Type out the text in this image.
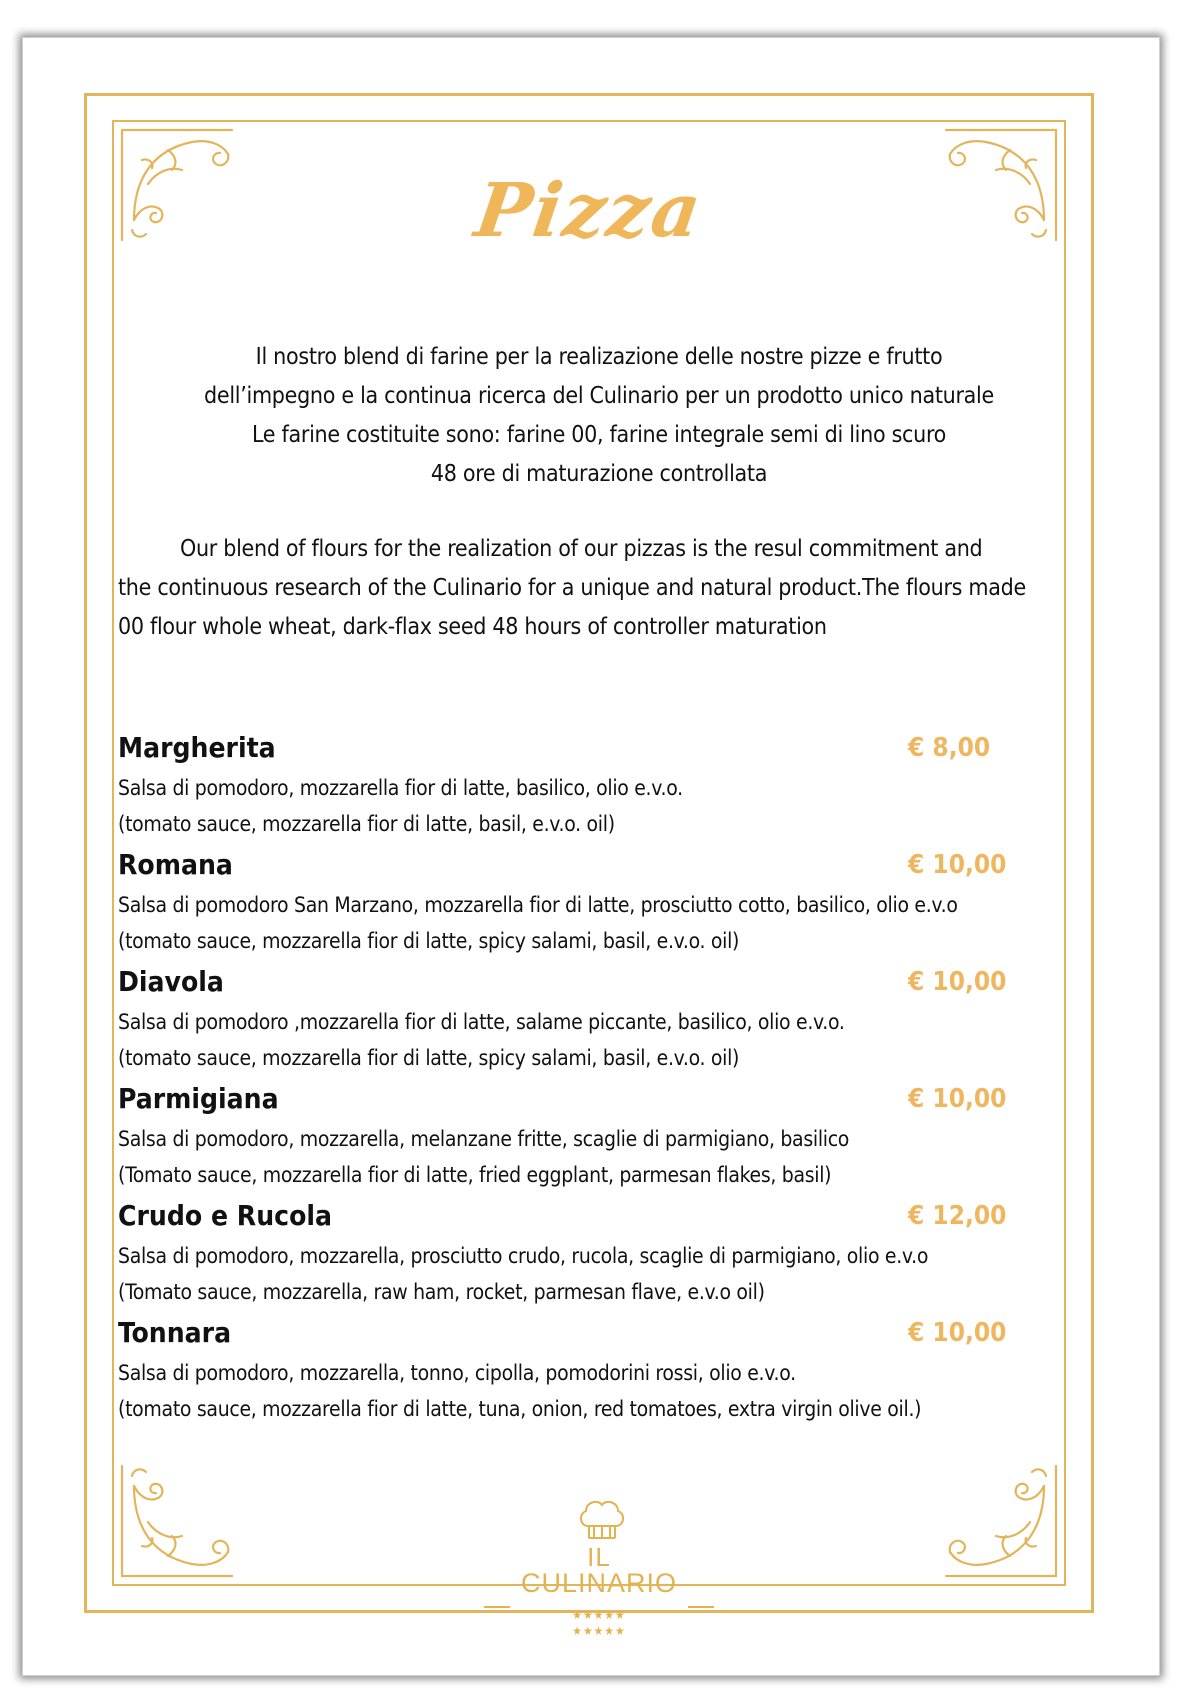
Pizza

Il nostro blend di farine per la realizazione delle nostre pizze e frutto

dell’impegno e la continua ricerca del Culinario per un prodotto unico naturale

Le farine costituite sono: farine 00, farine integrale semi di lino scuro

48 ore di maturazione controllata

Our blend of flours for the realization of our pizzas is the resul commitment and

the continuous research of the Culinario for a unique and natural product.The flours made

00 flour whole wheat, dark-flax seed 48 hours of controller maturation

Margherita	€ 8,00
Salsa di pomodoro, mozzarella fior di latte, basilico, olio e.v.o.
(tomato sauce, mozzarella fior di latte, basil, e.v.o. oil)
Romana	€ 10,00
Salsa di pomodoro San Marzano, mozzarella fior di latte, prosciutto cotto, basilico, olio e.v.o
(tomato sauce, mozzarella fior di latte, spicy salami, basil, e.v.o. oil)
Diavola	€ 10,00
Salsa di pomodoro ,mozzarella fior di latte, salame piccante, basilico, olio e.v.o.
(tomato sauce, mozzarella fior di latte, spicy salami, basil, e.v.o. oil)
Parmigiana	€ 10,00
Salsa di pomodoro, mozzarella, melanzane fritte, scaglie di parmigiano, basilico
(Tomato sauce, mozzarella fior di latte, fried eggplant, parmesan flakes, basil)
Crudo e Rucola	€ 12,00
Salsa di pomodoro, mozzarella, prosciutto crudo, rucola, scaglie di parmigiano, olio e.v.o
(Tomato sauce, mozzarella, raw ham, rocket, parmesan flave, e.v.o oil)
Tonnara	€ 10,00
Salsa di pomodoro, mozzarella, tonno, cipolla, pomodorini rossi, olio e.v.o.
(tomato sauce, mozzarella fior di latte, tuna, onion, red tomatoes, extra virgin olive oil.)
IL
CULINARIO
★★★★★
★★★★★
